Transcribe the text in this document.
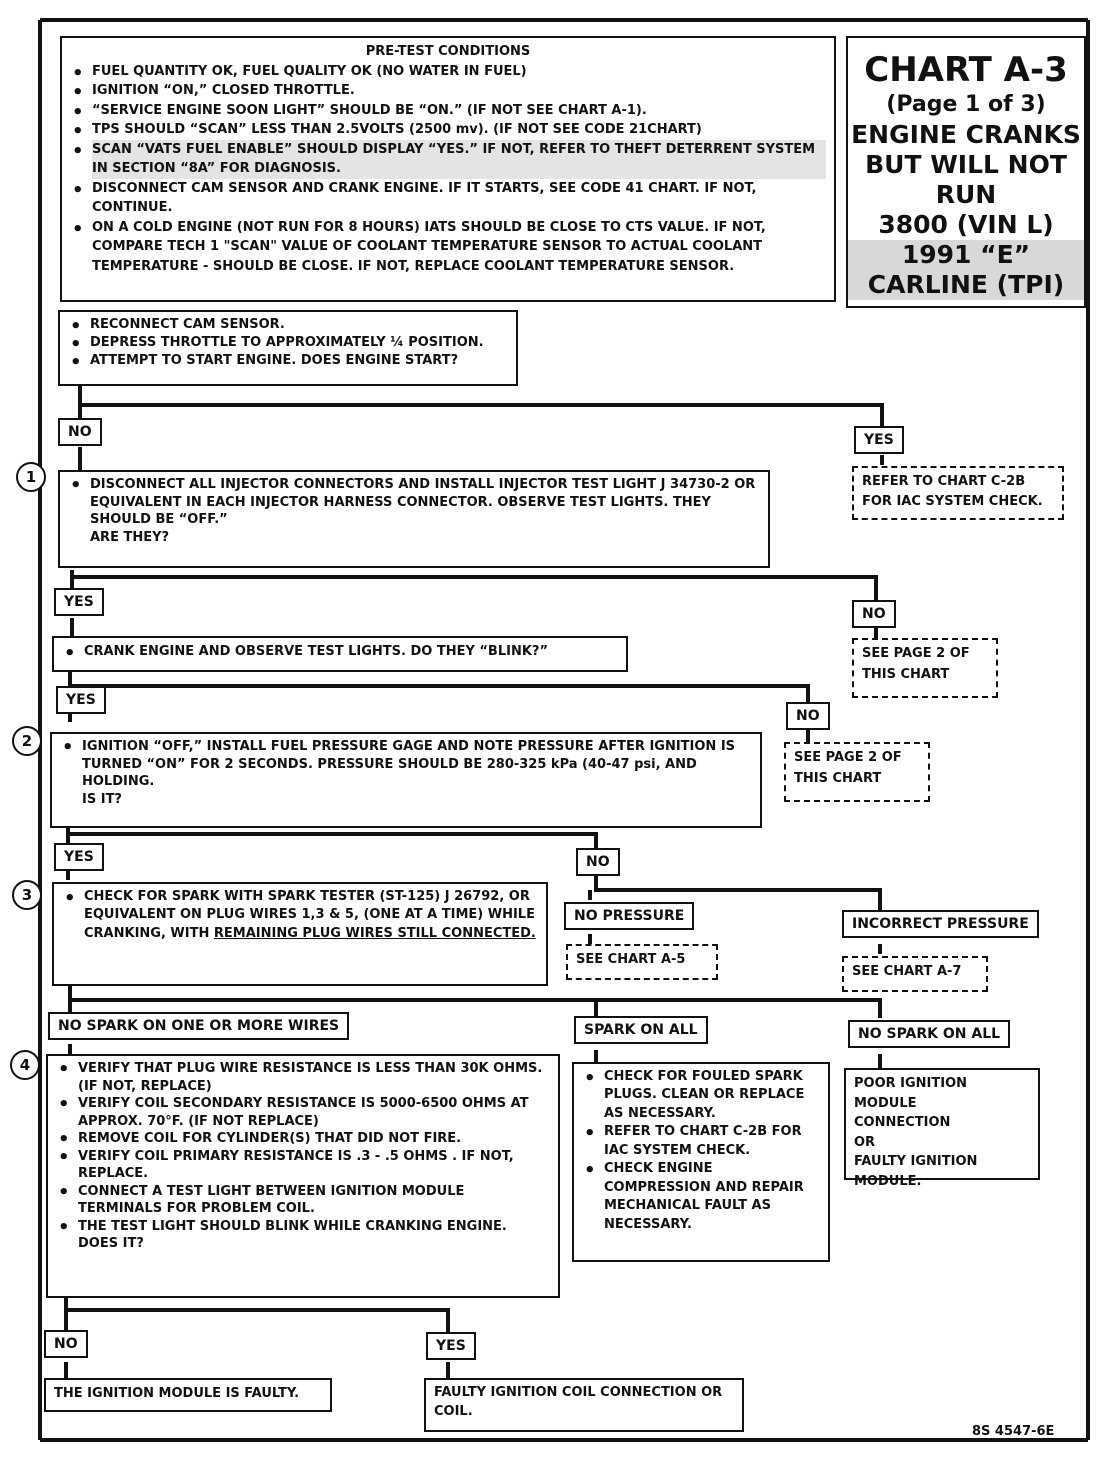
CHART A-3
(Page 1 of 3)
ENGINE CRANKS
BUT WILL NOT
RUN
3800 (VIN L)
1991 “E”
CARLINE (TPI)
PRE-TEST CONDITIONS
• FUEL QUANTITY OK, FUEL QUALITY OK (NO WATER IN FUEL)
• IGNITION “ON,” CLOSED THROTTLE.
• “SERVICE ENGINE SOON LIGHT” SHOULD BE “ON.” (IF NOT SEE CHART A-1).
• TPS SHOULD “SCAN” LESS THAN 2.5VOLTS (2500 mv). (IF NOT SEE CODE 21CHART)
• SCAN “VATS FUEL ENABLE” SHOULD DISPLAY “YES.” IF NOT, REFER TO THEFT DETERRENT SYSTEM IN SECTION “8A” FOR DIAGNOSIS.
• DISCONNECT CAM SENSOR AND CRANK ENGINE. IF IT STARTS, SEE CODE 41 CHART. IF NOT, CONTINUE.
• ON A COLD ENGINE (NOT RUN FOR 8 HOURS) IATS SHOULD BE CLOSE TO CTS VALUE. IF NOT, COMPARE TECH 1 "SCAN" VALUE OF COOLANT TEMPERATURE SENSOR TO ACTUAL COOLANT TEMPERATURE - SHOULD BE CLOSE. IF NOT, REPLACE COOLANT TEMPERATURE SENSOR.
• RECONNECT CAM SENSOR.
• DEPRESS THROTTLE TO APPROXIMATELY ¼ POSITION.
• ATTEMPT TO START ENGINE. DOES ENGINE START?
NO	YES
REFER TO CHART C-2B FOR IAC SYSTEM CHECK.
1	• DISCONNECT ALL INJECTOR CONNECTORS AND INSTALL INJECTOR TEST LIGHT J 34730-2 OR EQUIVALENT IN EACH INJECTOR HARNESS CONNECTOR. OBSERVE TEST LIGHTS. THEY SHOULD BE “OFF.”
ARE THEY?
YES
NO
SEE PAGE 2 OF THIS CHART
• CRANK ENGINE AND OBSERVE TEST LIGHTS. DO THEY “BLINK?”
YES
NO
SEE PAGE 2 OF THIS CHART
2	• IGNITION “OFF,” INSTALL FUEL PRESSURE GAGE AND NOTE PRESSURE AFTER IGNITION IS TURNED “ON” FOR 2 SECONDS. PRESSURE SHOULD BE 280-325 kPa (40-47 psi, AND HOLDING.
IS IT?
YES	NO
NO PRESSURE	INCORRECT PRESSURE
SEE CHART A-5
SEE CHART A-7
3	• CHECK FOR SPARK WITH SPARK TESTER (ST-125) J 26792, OR EQUIVALENT ON PLUG WIRES 1,3 & 5, (ONE AT A TIME) WHILE CRANKING, WITH REMAINING PLUG WIRES STILL CONNECTED.
NO SPARK ON ONE OR MORE WIRES	SPARK ON ALL	NO SPARK ON ALL
4	• VERIFY THAT PLUG WIRE RESISTANCE IS LESS THAN 30K OHMS. (IF NOT, REPLACE)
• VERIFY COIL SECONDARY RESISTANCE IS 5000-6500 OHMS AT APPROX. 70°F. (IF NOT REPLACE)
• REMOVE COIL FOR CYLINDER(S) THAT DID NOT FIRE.
• VERIFY COIL PRIMARY RESISTANCE IS .3 - .5 OHMS . IF NOT, REPLACE.
• CONNECT A TEST LIGHT BETWEEN IGNITION MODULE TERMINALS FOR PROBLEM COIL.
• THE TEST LIGHT SHOULD BLINK WHILE CRANKING ENGINE.
DOES IT?
• CHECK FOR FOULED SPARK PLUGS. CLEAN OR REPLACE AS NECESSARY.
• REFER TO CHART C-2B FOR IAC SYSTEM CHECK.
• CHECK ENGINE COMPRESSION AND REPAIR MECHANICAL FAULT AS NECESSARY.
POOR IGNITION MODULE
CONNECTION
OR
FAULTY IGNITION
MODULE.
NO	YES
THE IGNITION MODULE IS FAULTY.	FAULTY IGNITION COIL CONNECTION OR COIL.
8S 4547-6E
